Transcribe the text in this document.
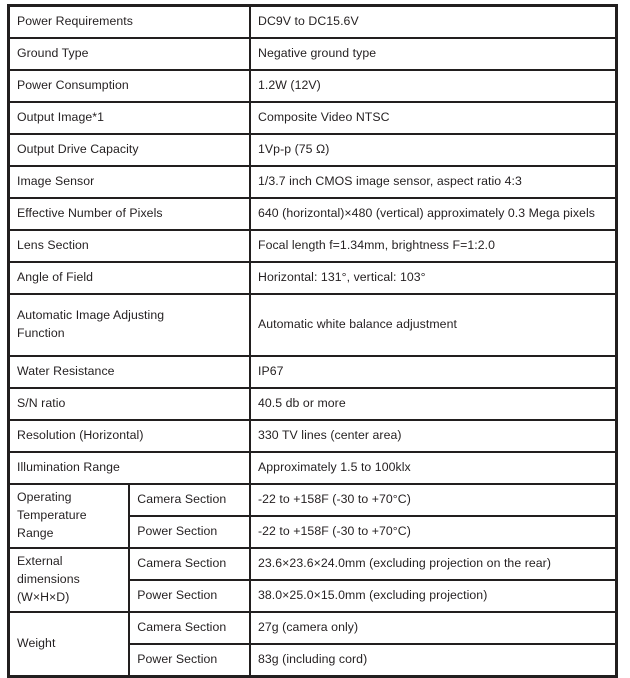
Power Requirements		DC9V to DC15.6V
Ground Type		Negative ground type
Power Consumption		1.2W (12V)
Output Image*1		Composite Video NTSC
Output Drive Capacity		1Vp-p (75 Ω)
Image Sensor		1/3.7 inch CMOS image sensor, aspect ratio 4:3
Effective Number of Pixels		640 (horizontal)×480 (vertical) approximately 0.3 Mega pixels
Lens Section		Focal length f=1.34mm, brightness F=1:2.0
Angle of Field		Horizontal: 131°, vertical: 103°

Automatic Image Adjusting
Function		Automatic white balance adjustment
Water Resistance		IP67
S/N ratio		40.5 db or more
Resolution (Horizontal)		330 TV lines (center area)
Illumination Range		Approximately 1.5 to 100klx

Operating
Temperature
Range	Camera Section	-22 to +158F (-30 to +70°C)
	Power Section	-22 to +158F (-30 to +70°C)

External
dimensions
(W×H×D)	Camera Section	23.6×23.6×24.0mm (excluding projection on the rear)
	Power Section	38.0×25.0×15.0mm (excluding projection)
Weight	Camera Section	27g (camera only)
	Power Section	83g (including cord)
